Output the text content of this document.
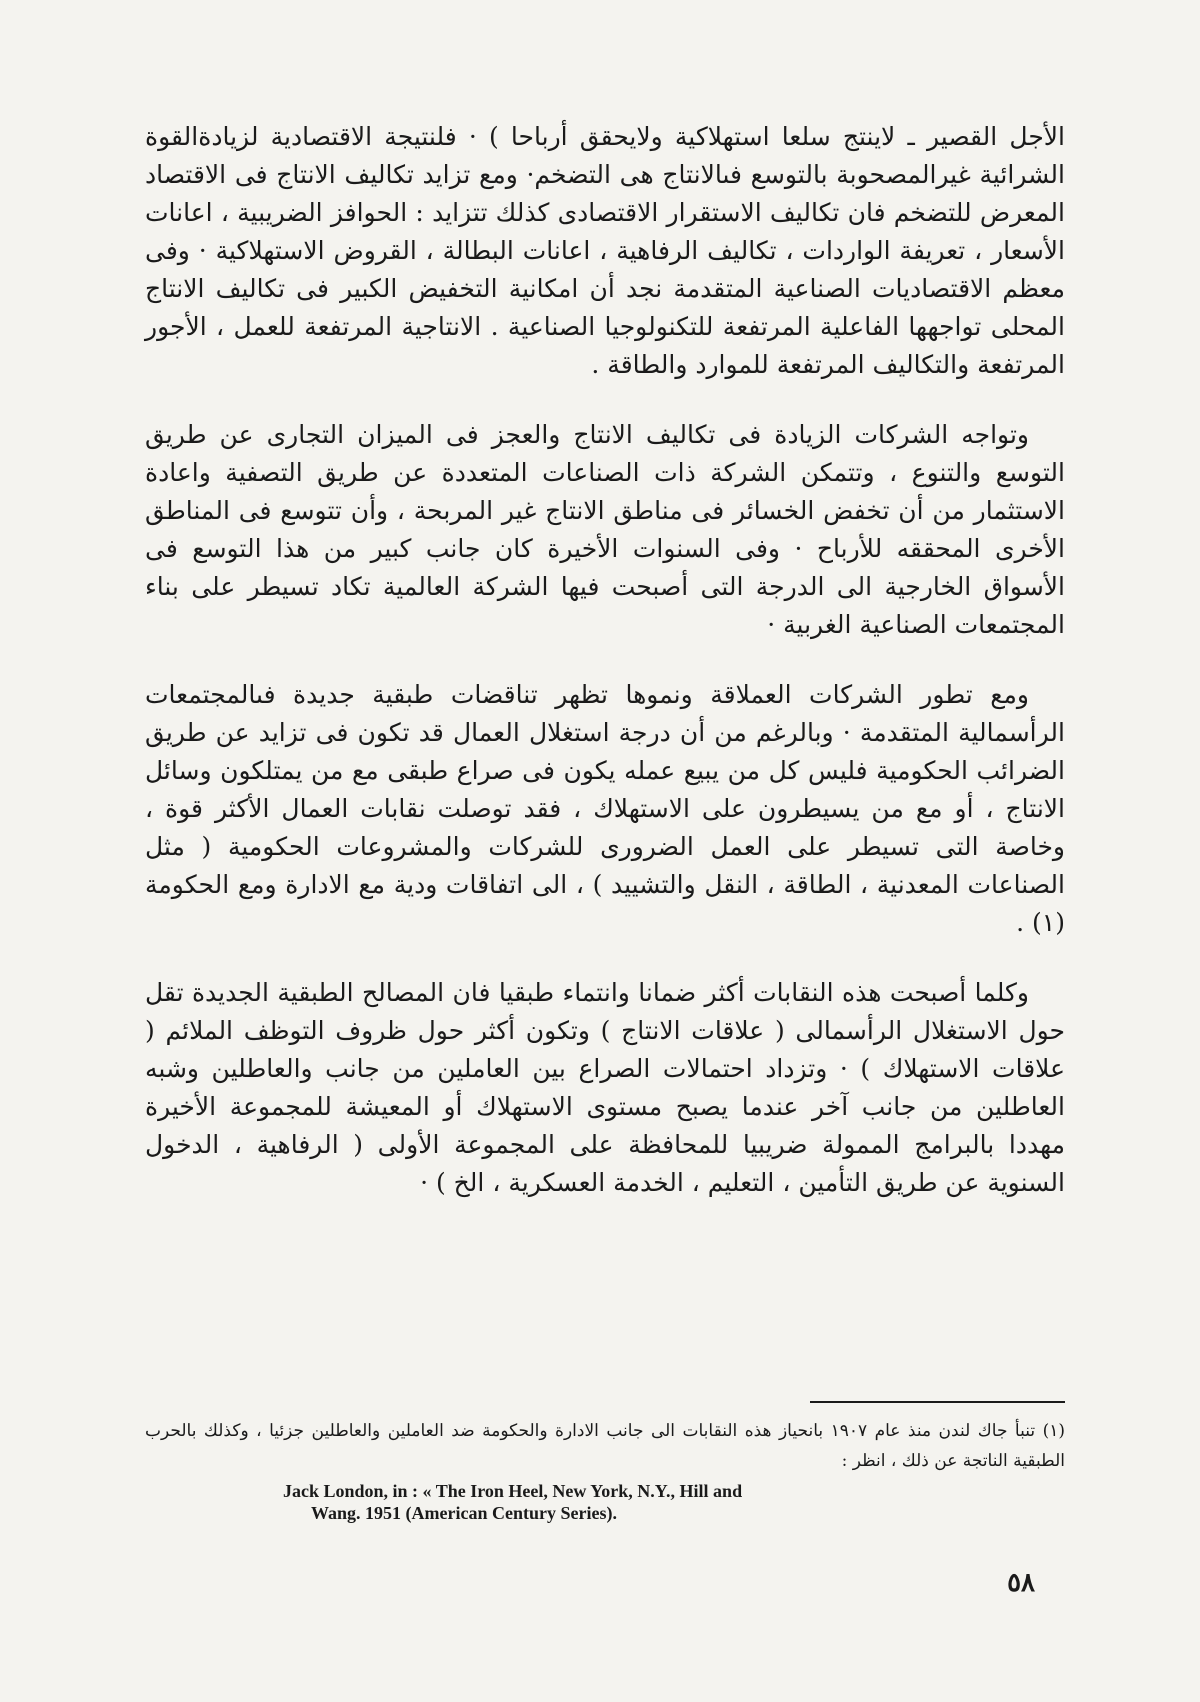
الأجل القصير ـ لاينتج سلعا استهلاكية ولايحقق أرباحا ) · فلنتيجة الاقتصادية لزيادةالقوة الشرائية غيرالمصحوبة بالتوسع فىالانتاج هى التضخم· ومع تزايد تكاليف الانتاج فى الاقتصاد المعرض للتضخم فان تكاليف الاستقرار الاقتصادى كذلك تتزايد : الحوافز الضريبية ، اعانات الأسعار ، تعريفة الواردات ، تكاليف الرفاهية ، اعانات البطالة ، القروض الاستهلاكية · وفى معظم الاقتصاديات الصناعية المتقدمة نجد أن امكانية التخفيض الكبير فى تكاليف الانتاج المحلى تواجهها الفاعلية المرتفعة للتكنولوجيا الصناعية . الانتاجية المرتفعة للعمل ، الأجور المرتفعة والتكاليف المرتفعة للموارد والطاقة .

وتواجه الشركات الزيادة فى تكاليف الانتاج والعجز فى الميزان التجارى عن طريق التوسع والتنوع ، وتتمكن الشركة ذات الصناعات المتعددة عن طريق التصفية واعادة الاستثمار من أن تخفض الخسائر فى مناطق الانتاج غير المربحة ، وأن تتوسع فى المناطق الأخرى المحققه للأرباح · وفى السنوات الأخيرة كان جانب كبير من هذا التوسع فى الأسواق الخارجية الى الدرجة التى أصبحت فيها الشركة العالمية تكاد تسيطر على بناء المجتمعات الصناعية الغربية ·

ومع تطور الشركات العملاقة ونموها تظهر تناقضات طبقية جديدة فىالمجتمعات الرأسمالية المتقدمة · وبالرغم من أن درجة استغلال العمال قد تكون فى تزايد عن طريق الضرائب الحكومية فليس كل من يبيع عمله يكون فى صراع طبقى مع من يمتلكون وسائل الانتاج ، أو مع من يسيطرون على الاستهلاك ، فقد توصلت نقابات العمال الأكثر قوة ، وخاصة التى تسيطر على العمل الضرورى للشركات والمشروعات الحكومية ( مثل الصناعات المعدنية ، الطاقة ، النقل والتشييد ) ، الى اتفاقات ودية مع الادارة ومع الحكومة (١) .

وكلما أصبحت هذه النقابات أكثر ضمانا وانتماء طبقيا فان المصالح الطبقية الجديدة تقل حول الاستغلال الرأسمالى ( علاقات الانتاج ) وتكون أكثر حول ظروف التوظف الملائم ( علاقات الاستهلاك ) · وتزداد احتمالات الصراع بين العاملين من جانب والعاطلين وشبه العاطلين من جانب آخر عندما يصبح مستوى الاستهلاك أو المعيشة للمجموعة الأخيرة مهددا بالبرامج الممولة ضريبيا للمحافظة على المجموعة الأولى ( الرفاهية ، الدخول السنوية عن طريق التأمين ، التعليم ، الخدمة العسكرية ، الخ ) ·

(١) تنبأ جاك لندن منذ عام ١٩٠٧ بانحياز هذه النقابات الى جانب الادارة والحكومة ضد العاملين والعاطلين جزئيا ، وكذلك بالحرب الطبقية الناتجة عن ذلك ، انظر :

Jack London, in : « The Iron Heel, New York, N.Y., Hill and
Wang. 1951 (American Century Series).

٥٨
